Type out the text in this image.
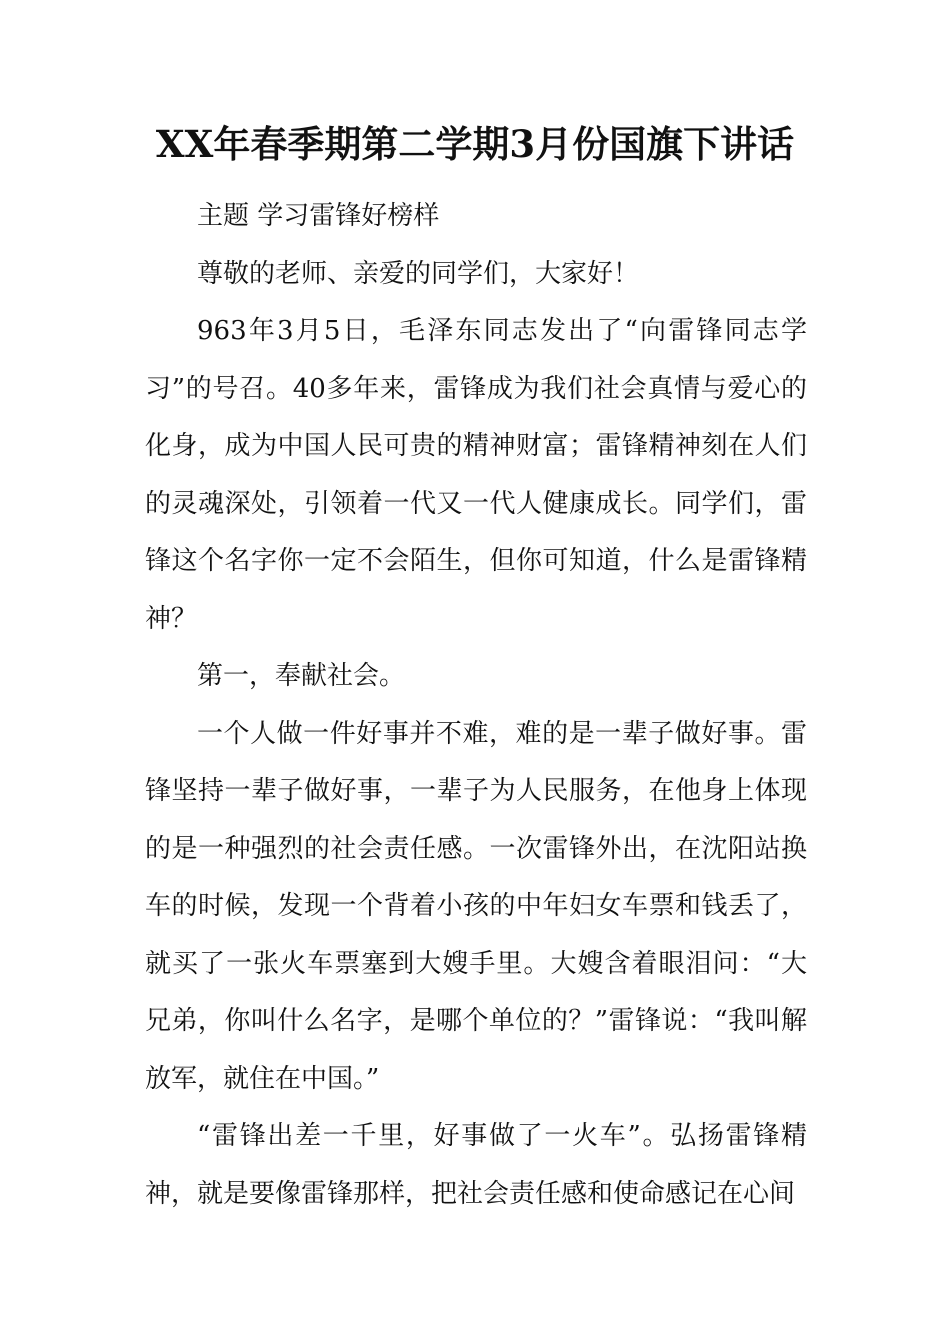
XX年春季期第二学期3月份国旗下讲话

主题 学习雷锋好榜样

尊敬的老师、亲爱的同学们，大家好！

963年3月5日，毛泽东同志发出了“向雷锋同志学习”的号召。40多年来，雷锋成为我们社会真情与爱心的化身，成为中国人民可贵的精神财富；雷锋精神刻在人们的灵魂深处，引领着一代又一代人健康成长。同学们，雷锋这个名字你一定不会陌生，但你可知道，什么是雷锋精神？

第一，奉献社会。

一个人做一件好事并不难，难的是一辈子做好事。雷锋坚持一辈子做好事，一辈子为人民服务，在他身上体现的是一种强烈的社会责任感。一次雷锋外出，在沈阳站换车的时候，发现一个背着小孩的中年妇女车票和钱丢了，就买了一张火车票塞到大嫂手里。大嫂含着眼泪问：“大兄弟，你叫什么名字，是哪个单位的？”雷锋说：“我叫解放军，就住在中国。”

“雷锋出差一千里，好事做了一火车”。弘扬雷锋精神，就是要像雷锋那样，把社会责任感和使命感记在心间
